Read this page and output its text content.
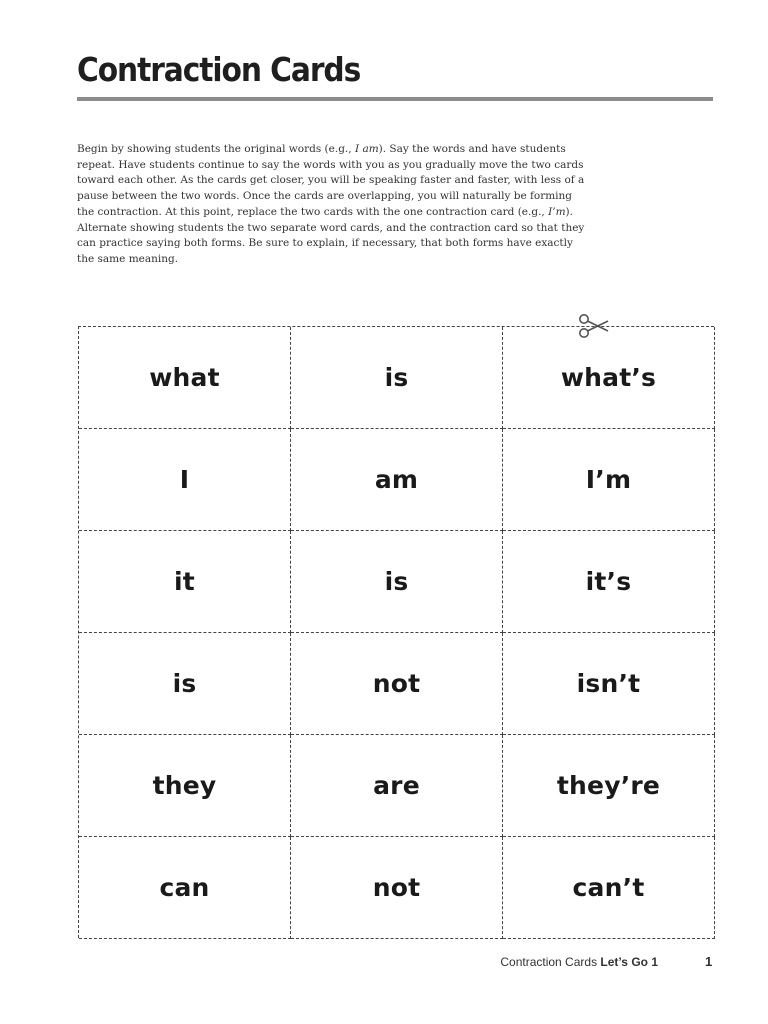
Contraction Cards
Begin by showing students the original words (e.g., I am). Say the words and have students repeat. Have students continue to say the words with you as you gradually move the two cards toward each other. As the cards get closer, you will be speaking faster and faster, with less of a pause between the two words. Once the cards are overlapping, you will naturally be forming the contraction. At this point, replace the two cards with the one contraction card (e.g., I’m). Alternate showing students the two separate word cards, and the contraction card so that they can practice saying both forms. Be sure to explain, if necessary, that both forms have exactly the same meaning.
what	is	what’s
I	am	I’m
it	is	it’s
is	not	isn’t
they	are	they’re
can	not	can’t
Contraction Cards Let’s Go 1	1
